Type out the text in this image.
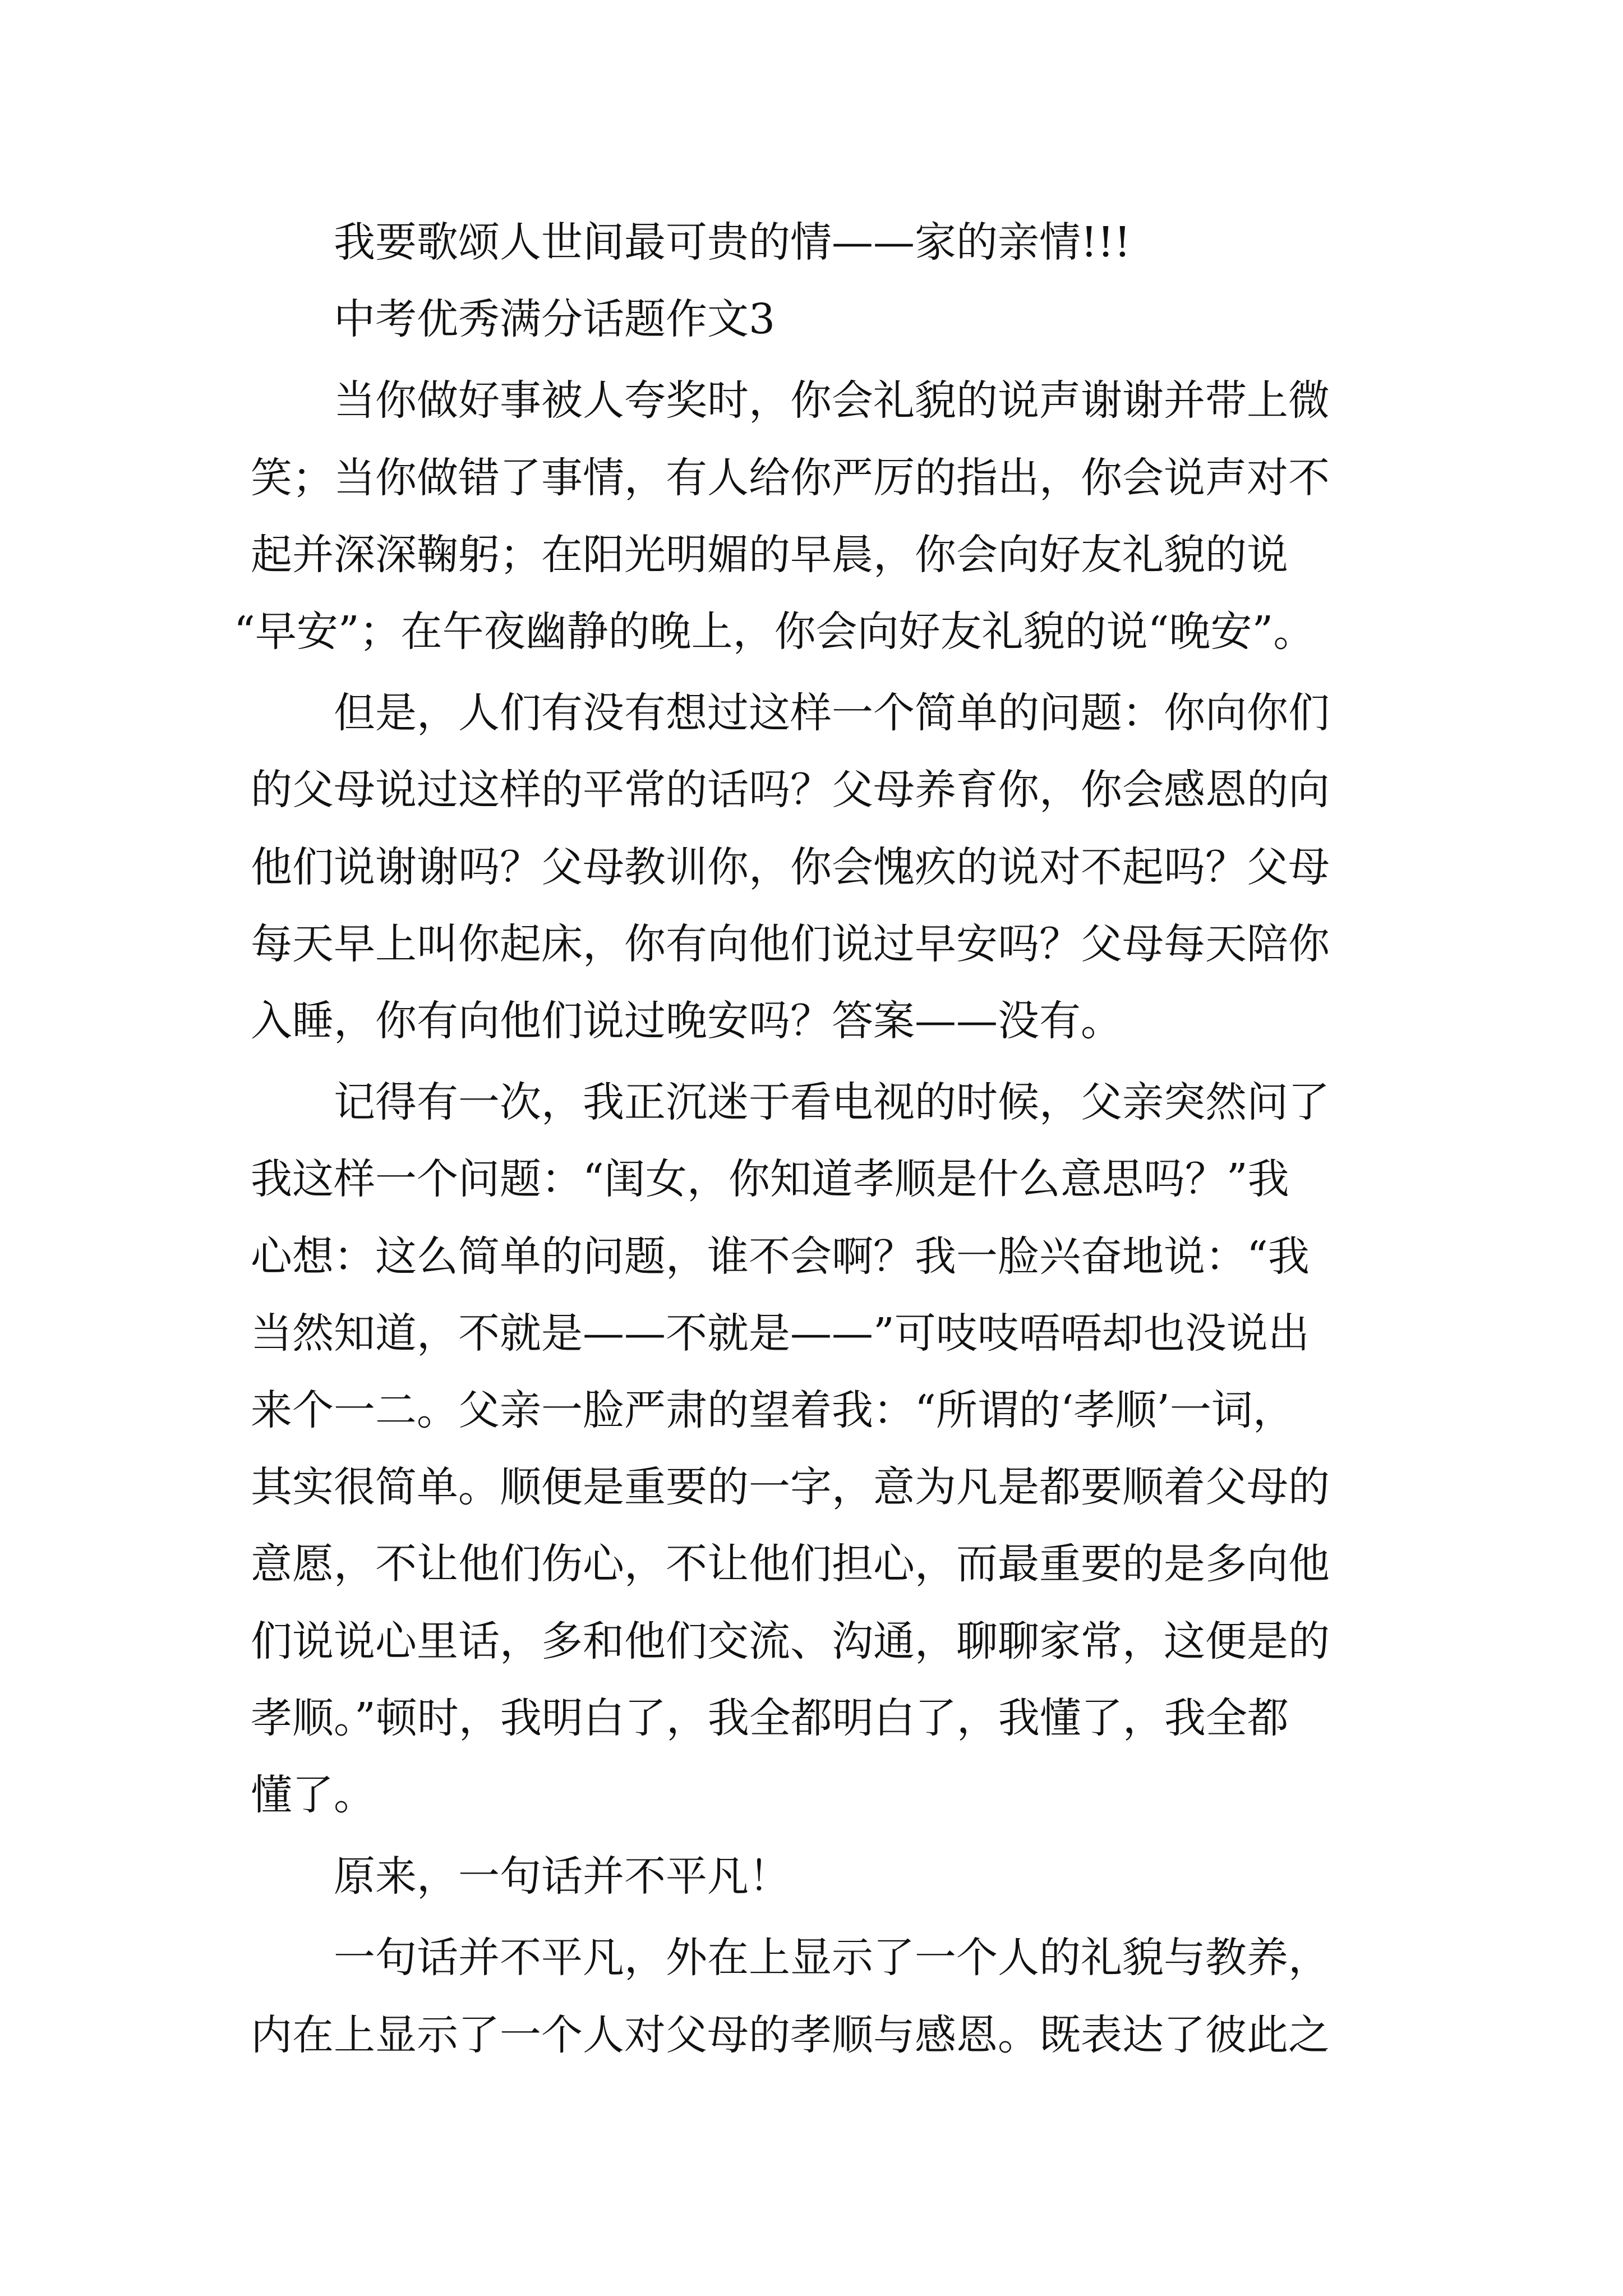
我要歌颂人世间最可贵的情——家的亲情!!!
中考优秀满分话题作文3
当你做好事被人夸奖时，你会礼貌的说声谢谢并带上微
笑；当你做错了事情，有人给你严厉的指出，你会说声对不
起并深深鞠躬；在阳光明媚的早晨，你会向好友礼貌的说
“早安”；在午夜幽静的晚上，你会向好友礼貌的说“晚安”。
但是，人们有没有想过这样一个简单的问题：你向你们
的父母说过这样的平常的话吗？父母养育你，你会感恩的向
他们说谢谢吗？父母教训你，你会愧疚的说对不起吗？父母
每天早上叫你起床，你有向他们说过早安吗？父母每天陪你
入睡，你有向他们说过晚安吗？答案——没有。
记得有一次，我正沉迷于看电视的时候，父亲突然问了
我这样一个问题：“闺女，你知道孝顺是什么意思吗？”我
心想：这么简单的问题，谁不会啊？我一脸兴奋地说：“我
当然知道，不就是——不就是——”可吱吱唔唔却也没说出
来个一二。父亲一脸严肃的望着我：“所谓的‘孝顺’一词，
其实很简单。顺便是重要的一字，意为凡是都要顺着父母的
意愿，不让他们伤心，不让他们担心，而最重要的是多向他
们说说心里话，多和他们交流、沟通，聊聊家常，这便是的
孝顺。”顿时，我明白了，我全都明白了，我懂了，我全都
懂了。
原来，一句话并不平凡！
一句话并不平凡，外在上显示了一个人的礼貌与教养，
内在上显示了一个人对父母的孝顺与感恩。既表达了彼此之
